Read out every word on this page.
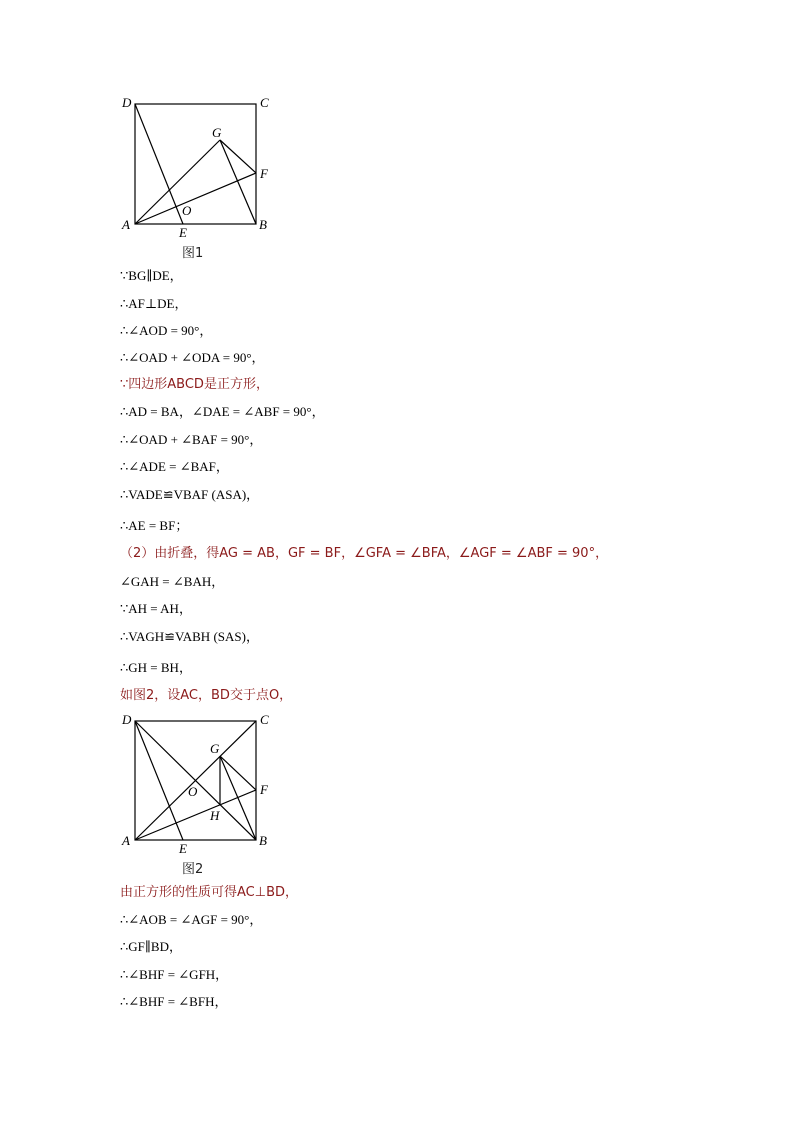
D	C
G
F
O
A
E
B
图1
∵BG∥DE，
∴AF⊥DE，
∴∠AOD = 90°，
∴∠OAD + ∠ODA = 90°，
∵四边形ABCD是正方形，
∴AD = BA，∠DAE = ∠ABF = 90°，
∴∠OAD + ∠BAF = 90°，
∴∠ADE = ∠BAF，
∴VADE≌VBAF (ASA)，
∴AE = BF；
（2）由折叠，得AG = AB，GF = BF，∠GFA = ∠BFA，∠AGF = ∠ABF = 90°，
∠GAH = ∠BAH，
∵AH = AH，
∴VAGH≌VABH (SAS)，
∴GH = BH，
如图2，设AC，BD交于点O，
D	C
G
F
O
H
A
E
B
图2
由正方形的性质可得AC⊥BD，
∴∠AOB = ∠AGF = 90°，
∴GF∥BD，
∴∠BHF = ∠GFH，
∴∠BHF = ∠BFH，
